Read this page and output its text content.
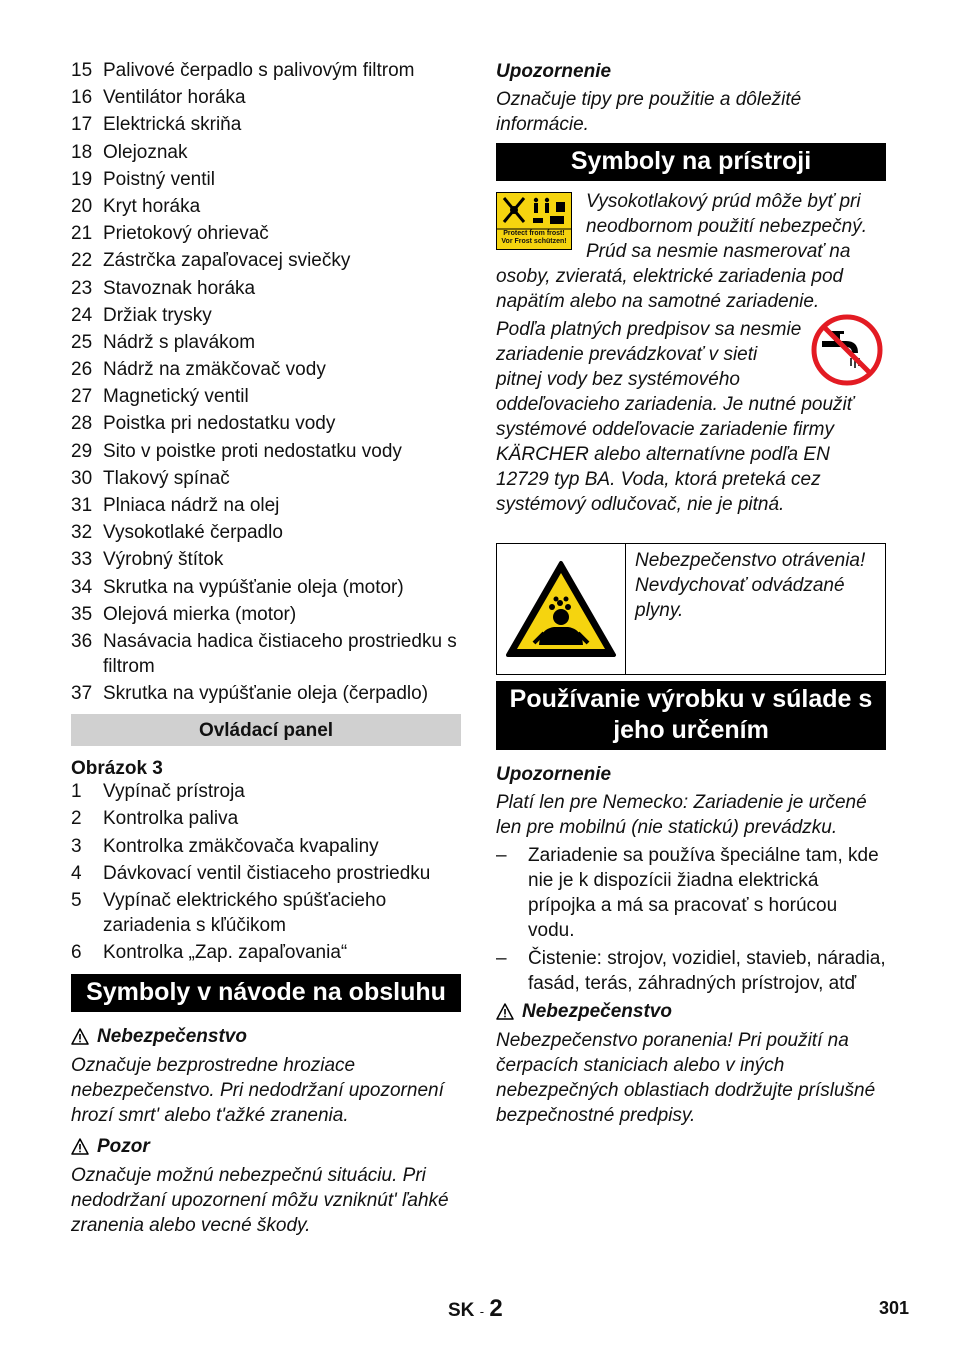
15 Palivové čerpadlo s palivovým filtrom
16 Ventilátor horáka
17 Elektrická skriňa
18 Olejoznak
19 Poistný ventil
20 Kryt horáka
21 Prietokový ohrievač
22 Zástrčka zapaľovacej sviečky
23 Stavoznak horáka
24 Držiak trysky
25 Nádrž s plavákom
26 Nádrž na zmäkčovač vody
27 Magnetický ventil
28 Poistka pri nedostatku vody
29 Sito v poistke proti nedostatku vody
30 Tlakový spínač
31 Plniaca nádrž na olej
32 Vysokotlaké čerpadlo
33 Výrobný štítok
34 Skrutka na vypúšťanie oleja (motor)
35 Olejová mierka (motor)
36 Nasávacia hadica čistiaceho prostriedku s filtrom
37 Skrutka na vypúšťanie oleja (čerpadlo)
Ovládací panel
Obrázok 3
1	Vypínač prístroja
2	Kontrolka paliva
3	Kontrolka zmäkčovača kvapaliny
4	Dávkovací ventil čistiaceho prostriedku
5	Vypínač elektrického spúšťacieho zariadenia s kľúčikom
6	Kontrolka „Zap. zapaľovania“
Symboly v návode na obsluhu
Nebezpečenstvo
Označuje bezprostredne hroziace nebezpečenstvo. Pri nedodržaní upozornení hrozí smrt' alebo t'ažké zranenia.
Pozor
Označuje možnú nebezpečnú situáciu. Pri nedodržaní upozornení môžu vzniknút' ľahké zranenia alebo vecné škody.
Upozornenie
Označuje tipy pre použitie a dôležité informácie.
Symboly na prístroji
Protect from frost! Vor Frost schützen!
Vysokotlakový prúd môže byť pri neodbornom použití nebezpečný. Prúd sa nesmie nasmerovať na osoby, zvieratá, elektrické zariadenia pod napätím alebo na samotné zariadenie.
Podľa platných predpisov sa nesmie zariadenie prevádzkovať v sieti pitnej vody bez systémového oddeľovacieho zariadenia. Je nutné použiť systémové oddeľovacie zariadenie firmy KÄRCHER alebo alternatívne podľa EN 12729 typ BA. Voda, ktorá preteká cez systémový odlučovač, nie je pitná.
Nebezpečenstvo otrávenia! Nevdychovať odvádzané plyny.
Používanie výrobku v súlade s jeho určením
Upozornenie
Platí len pre Nemecko: Zariadenie je určené len pre mobilnú (nie statickú) prevádzku.
–	Zariadenie sa používa špeciálne tam, kde nie je k dispozícii žiadna elektrická prípojka a má sa pracovať s horúcou vodu.
–	Čistenie: strojov, vozidiel, stavieb, náradia, fasád, terás, záhradných prístrojov, atď
Nebezpečenstvo
Nebezpečenstvo poranenia! Pri použití na čerpacích staniciach alebo v iných nebezpečných oblastiach dodržujte príslušné bezpečnostné predpisy.
SK - 2	301
